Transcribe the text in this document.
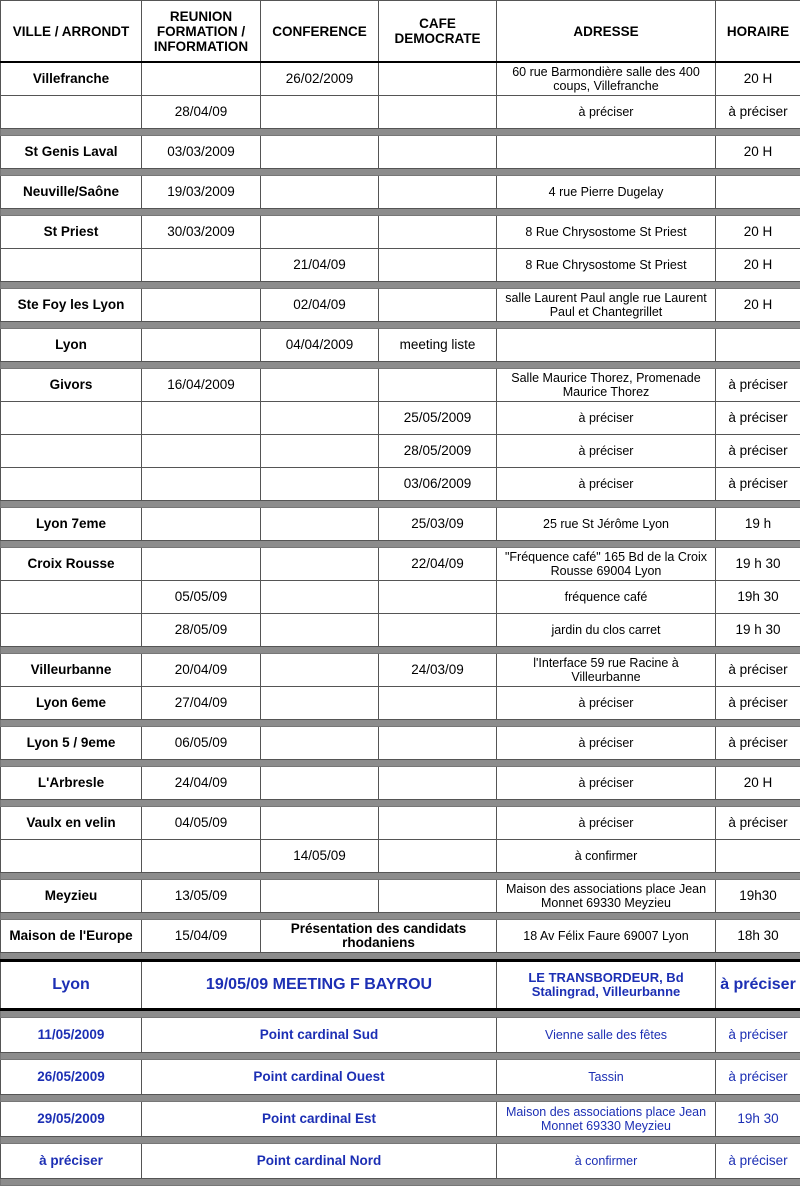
VILLE / ARRONDT	REUNION FORMATION / INFORMATION	CONFERENCE	CAFE DEMOCRATE	ADRESSE	HORAIRE
Villefranche		26/02/2009		60 rue Barmondière salle des 400 coups, Villefranche	20 H
	28/04/09			à préciser	à préciser

St Genis Laval	03/03/2009				20 H

Neuville/Saône	19/03/2009			4 rue Pierre Dugelay	

St Priest	30/03/2009			8 Rue Chrysostome St Priest	20 H
		21/04/09		8 Rue Chrysostome St Priest	20 H

Ste Foy les Lyon		02/04/09		salle Laurent Paul angle rue Laurent Paul et Chantegrillet	20 H

Lyon		04/04/2009	meeting liste		

Givors	16/04/2009			Salle Maurice Thorez, Promenade Maurice Thorez	à préciser
			25/05/2009	à préciser	à préciser
			28/05/2009	à préciser	à préciser
			03/06/2009	à préciser	à préciser

Lyon 7eme			25/03/09	25 rue St Jérôme Lyon	19 h

Croix Rousse			22/04/09	"Fréquence café" 165 Bd de la Croix Rousse 69004 Lyon	19 h 30
	05/05/09			fréquence café	19h 30
	28/05/09			jardin du clos carret	19 h 30

Villeurbanne	20/04/09		24/03/09	l'Interface 59 rue Racine à Villeurbanne	à préciser
Lyon 6eme	27/04/09			à préciser	à préciser

Lyon 5 / 9eme	06/05/09			à préciser	à préciser

L'Arbresle	24/04/09			à préciser	20 H

Vaulx en velin	04/05/09			à préciser	à préciser
		14/05/09		à confirmer	

Meyzieu	13/05/09			Maison des associations place Jean Monnet 69330 Meyzieu	19h30

Maison de l'Europe	15/04/09	Présentation des candidats rhodaniens		18 Av Félix Faure 69007 Lyon	18h 30

Lyon	19/05/09 MEETING F BAYROU			LE TRANSBORDEUR, Bd Stalingrad, Villeurbanne	à préciser

11/05/2009	Point cardinal Sud			Vienne salle des fêtes	à préciser

26/05/2009	Point cardinal Ouest			Tassin	à préciser

29/05/2009	Point cardinal Est			Maison des associations place Jean Monnet 69330 Meyzieu	19h 30

à préciser	Point cardinal Nord			à confirmer	à préciser
